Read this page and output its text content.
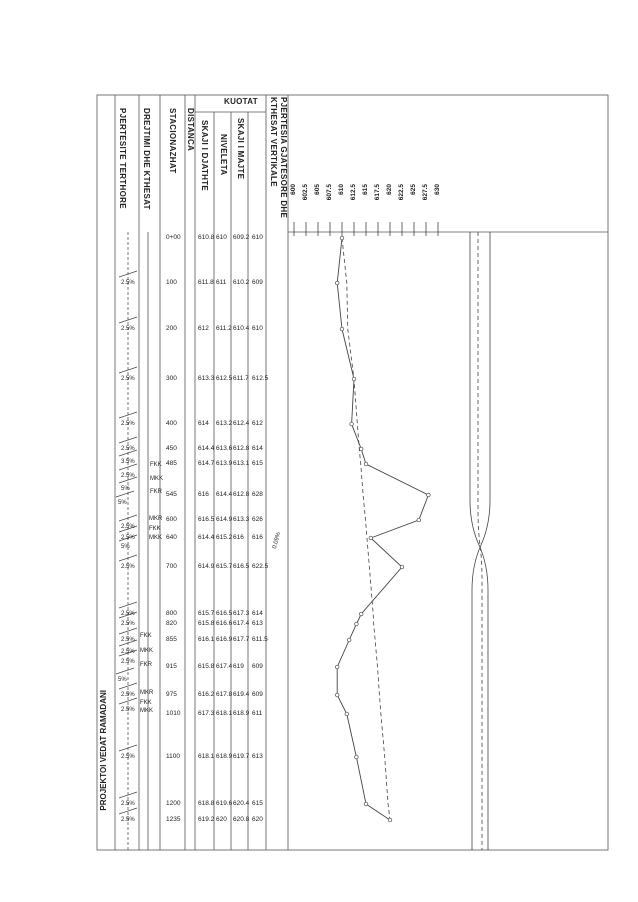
PJERTESITE TERTHORE DREJTIMI DHE KTHESAT STACIONAZHAT DISTANCA SKAJI I DJATHTE NIVELETA SKAJI I MAJTE
KUOTAT	PJERTESIA GJATESORE DHE
KTHESAT VERTIKALE
PROJEKTOI VEDAT RAMADANI
0+00	610.8 610 609.2 610
100	611.8 611 610.2 609
200	612 611.2 610.4 610
300	613.3 612.5 611.7 612.5
400	614 613.2 612.4 612
450	614.4 613.6 612.8 614
485	614.7 613.9 613.1 615
545	616 614.4 612.8 628
600	616.5 614.9 613.3 626
640	614.4 615.2 616 616
700	614.9 615.7 616.5 622.5
800	615.7 616.5 617.3 614
820	615.8 616.6 617.4 613
855	616.1 616.9 617.7 611.5
915	615.8 617.4 619 609
975	616.2 617.8 619.4 609
1010	617.3 618.1 618.9 611
1100	618.1 618.9 619.7 613
1200	618.8 619.6 620.4 615
1235	619.2 620 620.8 620
600 602.5 605 607.5 610 612.5 615 617.5 620 622.5 625 627.5 630
FKK
MKK
FKR
MKR
FKK
MKK
FKK
MKK
FKR
MKR
FKK
MKK
2.5%
2.5%
2.5%
2.5%
2.5%
3.5%
2.5%
5%
5%
2.5%
2.5%
5%
2.5%
2.5%
2.5%
2.5%
2.5%
2.5%
5%
2.5%
2.5%
2.5%
2.5%
2.5%
0.09%
